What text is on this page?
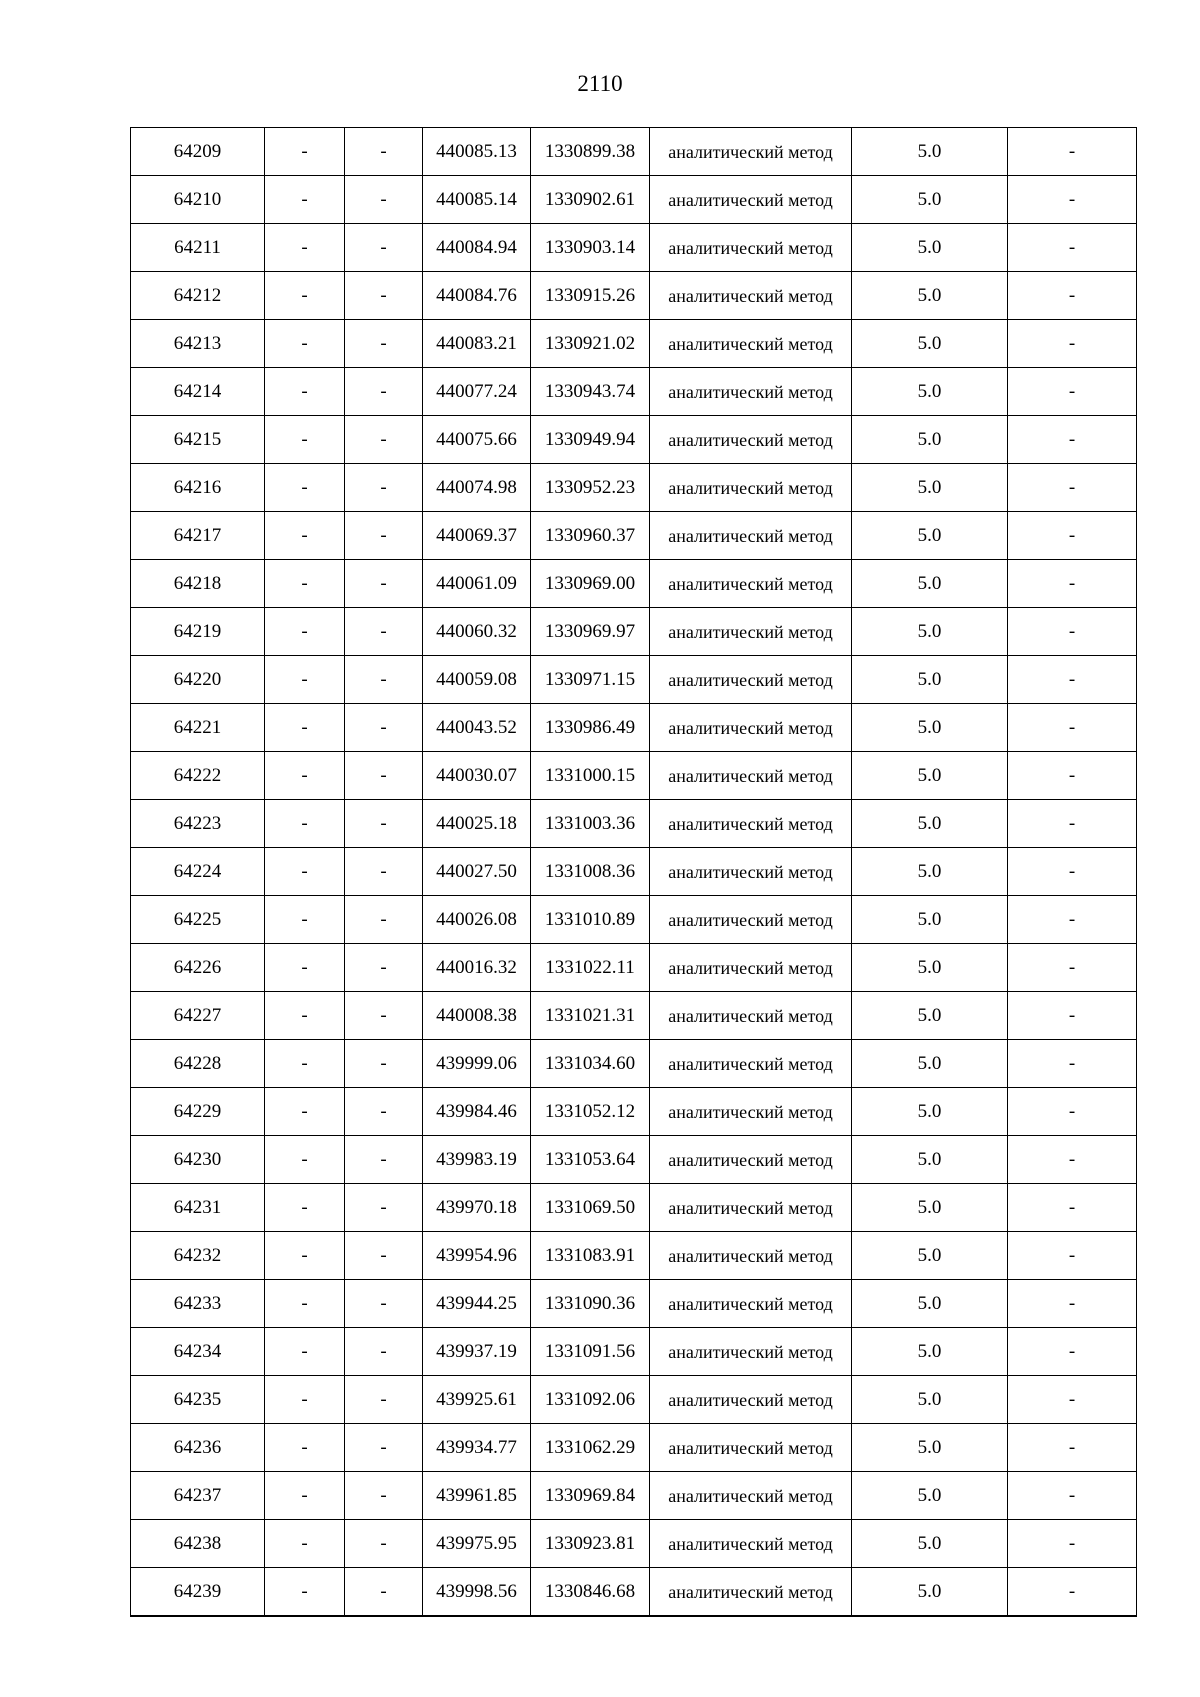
2110
64209	-	-	440085.13	1330899.38	аналитический метод	5.0	-
64210	-	-	440085.14	1330902.61	аналитический метод	5.0	-
64211	-	-	440084.94	1330903.14	аналитический метод	5.0	-
64212	-	-	440084.76	1330915.26	аналитический метод	5.0	-
64213	-	-	440083.21	1330921.02	аналитический метод	5.0	-
64214	-	-	440077.24	1330943.74	аналитический метод	5.0	-
64215	-	-	440075.66	1330949.94	аналитический метод	5.0	-
64216	-	-	440074.98	1330952.23	аналитический метод	5.0	-
64217	-	-	440069.37	1330960.37	аналитический метод	5.0	-
64218	-	-	440061.09	1330969.00	аналитический метод	5.0	-
64219	-	-	440060.32	1330969.97	аналитический метод	5.0	-
64220	-	-	440059.08	1330971.15	аналитический метод	5.0	-
64221	-	-	440043.52	1330986.49	аналитический метод	5.0	-
64222	-	-	440030.07	1331000.15	аналитический метод	5.0	-
64223	-	-	440025.18	1331003.36	аналитический метод	5.0	-
64224	-	-	440027.50	1331008.36	аналитический метод	5.0	-
64225	-	-	440026.08	1331010.89	аналитический метод	5.0	-
64226	-	-	440016.32	1331022.11	аналитический метод	5.0	-
64227	-	-	440008.38	1331021.31	аналитический метод	5.0	-
64228	-	-	439999.06	1331034.60	аналитический метод	5.0	-
64229	-	-	439984.46	1331052.12	аналитический метод	5.0	-
64230	-	-	439983.19	1331053.64	аналитический метод	5.0	-
64231	-	-	439970.18	1331069.50	аналитический метод	5.0	-
64232	-	-	439954.96	1331083.91	аналитический метод	5.0	-
64233	-	-	439944.25	1331090.36	аналитический метод	5.0	-
64234	-	-	439937.19	1331091.56	аналитический метод	5.0	-
64235	-	-	439925.61	1331092.06	аналитический метод	5.0	-
64236	-	-	439934.77	1331062.29	аналитический метод	5.0	-
64237	-	-	439961.85	1330969.84	аналитический метод	5.0	-
64238	-	-	439975.95	1330923.81	аналитический метод	5.0	-
64239	-	-	439998.56	1330846.68	аналитический метод	5.0	-
